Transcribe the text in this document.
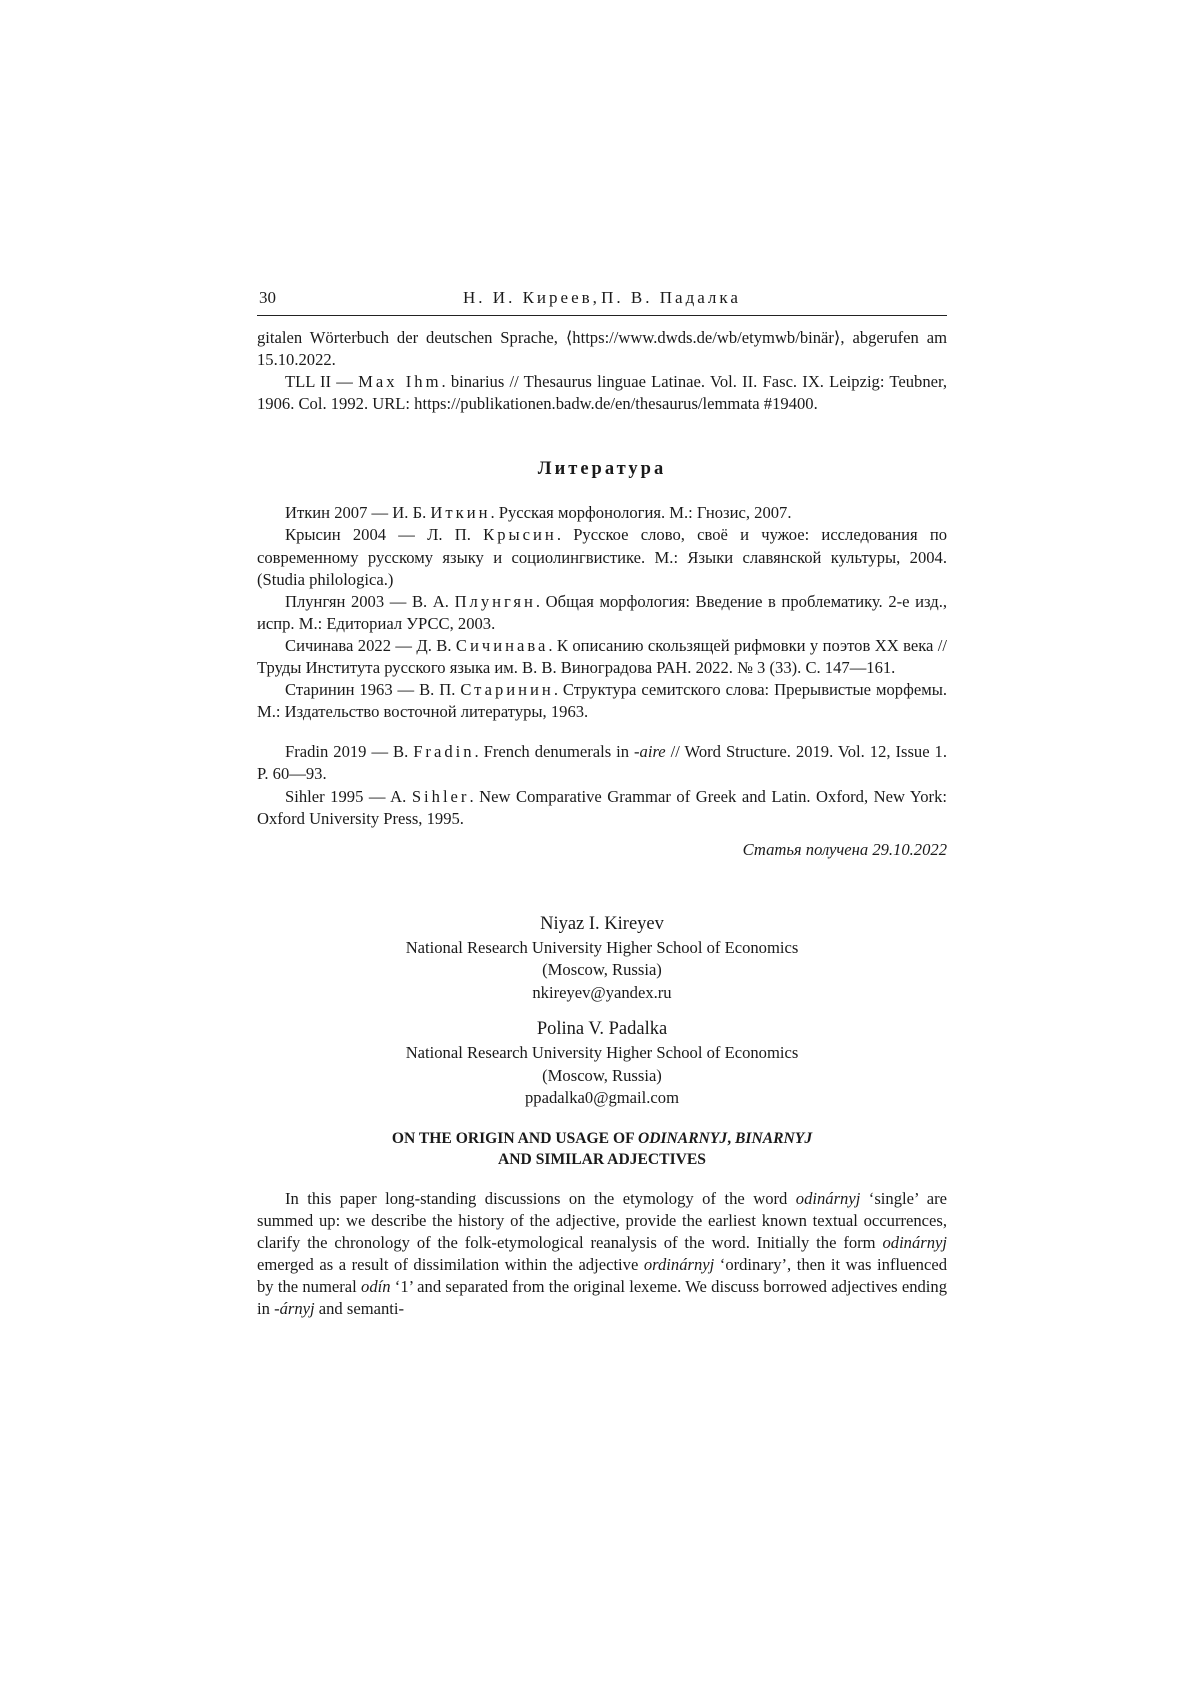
30	Н. И. Киреев, П. В. Падалка

gitalen Wörterbuch der deutschen Sprache, ⟨https://www.dwds.de/wb/etymwb/binär⟩, abgerufen am 15.10.2022.

TLL II — Max Ihm. binarius // Thesaurus linguae Latinae. Vol. II. Fasc. IX. Leipzig: Teubner, 1906. Col. 1992. URL: https://publikationen.badw.de/en/thesaurus/lemmata #19400.

Литература

Иткин 2007 — И. Б. Иткин. Русская морфонология. М.: Гнозис, 2007.

Крысин 2004 — Л. П. Крысин. Русское слово, своё и чужое: исследования по современному русскому языку и социолингвистике. М.: Языки славянской культуры, 2004. (Studia philologica.)

Плунгян 2003 — В. А. Плунгян. Общая морфология: Введение в проблематику. 2-е изд., испр. М.: Едиториал УРСС, 2003.

Сичинава 2022 — Д. В. Сичинава. К описанию скользящей рифмовки у поэтов XX века // Труды Института русского языка им. В. В. Виноградова РАН. 2022. № 3 (33). С. 147—161.

Старинин 1963 — В. П. Старинин. Структура семитского слова: Прерывистые морфемы. М.: Издательство восточной литературы, 1963.

Fradin 2019 — B. Fradin. French denumerals in -aire // Word Structure. 2019. Vol. 12, Issue 1. P. 60—93.

Sihler 1995 — A. Sihler. New Comparative Grammar of Greek and Latin. Oxford, New York: Oxford University Press, 1995.

Статья получена 29.10.2022

Niyaz I. Kireyev
National Research University Higher School of Economics
(Moscow, Russia)
nkireyev@yandex.ru
Polina V. Padalka
National Research University Higher School of Economics
(Moscow, Russia)
ppadalka0@gmail.com
ON THE ORIGIN AND USAGE OF ODINARNYJ, BINARNYJ
AND SIMILAR ADJECTIVES

In this paper long-standing discussions on the etymology of the word odinárnyj ‘single’ are summed up: we describe the history of the adjective, provide the earliest known textual occurrences, clarify the chronology of the folk-etymological reanalysis of the word. Initially the form odinárnyj emerged as a result of dissimilation within the adjective ordinárnyj ‘ordinary’, then it was influenced by the numeral odín ‘1’ and separated from the original lexeme. We discuss borrowed adjectives ending in -árnyj and semanti-
